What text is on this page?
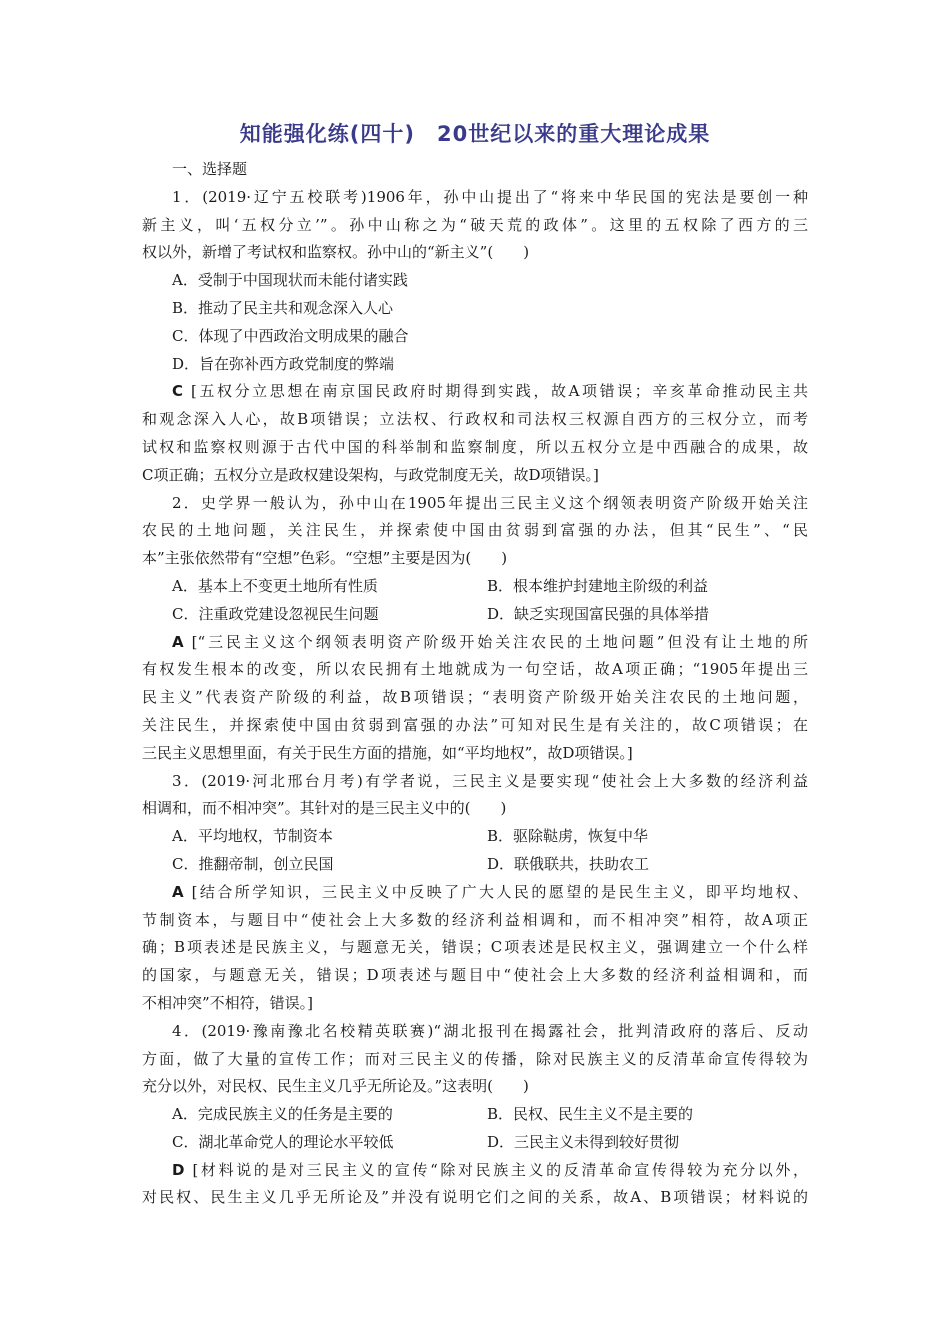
知能强化练(四十)　20世纪以来的重大理论成果
一、选择题
1．(2019·辽宁五校联考)1906年，孙中山提出了“将来中华民国的宪法是要创一种
新主义，叫‘五权分立’”。孙中山称之为“破天荒的政体”。这里的五权除了西方的三
权以外，新增了考试权和监察权。孙中山的“新主义”(　　)
A．受制于中国现状而未能付诸实践
B．推动了民主共和观念深入人心
C．体现了中西政治文明成果的融合
D．旨在弥补西方政党制度的弊端
C [五权分立思想在南京国民政府时期得到实践，故A项错误；辛亥革命推动民主共
和观念深入人心，故B项错误；立法权、行政权和司法权三权源自西方的三权分立，而考
试权和监察权则源于古代中国的科举制和监察制度，所以五权分立是中西融合的成果，故
C项正确；五权分立是政权建设架构，与政党制度无关，故D项错误。]
2．史学界一般认为，孙中山在1905年提出三民主义这个纲领表明资产阶级开始关注
农民的土地问题，关注民生，并探索使中国由贫弱到富强的办法，但其“民生”、“民
本”主张依然带有“空想”色彩。“空想”主要是因为(　　)
A．基本上不变更土地所有性质	B．根本维护封建地主阶级的利益
C．注重政党建设忽视民生问题	D．缺乏实现国富民强的具体举措
A [“三民主义这个纲领表明资产阶级开始关注农民的土地问题”但没有让土地的所
有权发生根本的改变，所以农民拥有土地就成为一句空话，故A项正确；“1905年提出三
民主义”代表资产阶级的利益，故B项错误；“表明资产阶级开始关注农民的土地问题，
关注民生，并探索使中国由贫弱到富强的办法”可知对民生是有关注的，故C项错误；在
三民主义思想里面，有关于民生方面的措施，如“平均地权”，故D项错误。]
3．(2019·河北邢台月考)有学者说，三民主义是要实现“使社会上大多数的经济利益
相调和，而不相冲突”。其针对的是三民主义中的(　　)
A．平均地权，节制资本	B．驱除鞑虏，恢复中华
C．推翻帝制，创立民国	D．联俄联共，扶助农工
A [结合所学知识，三民主义中反映了广大人民的愿望的是民生主义，即平均地权、
节制资本，与题目中“使社会上大多数的经济利益相调和，而不相冲突”相符，故A项正
确；B项表述是民族主义，与题意无关，错误；C项表述是民权主义，强调建立一个什么样
的国家，与题意无关，错误；D项表述与题目中“使社会上大多数的经济利益相调和，而
不相冲突”不相符，错误。]
4．(2019·豫南豫北名校精英联赛)“湖北报刊在揭露社会，批判清政府的落后、反动
方面，做了大量的宣传工作；而对三民主义的传播，除对民族主义的反清革命宣传得较为
充分以外，对民权、民生主义几乎无所论及。”这表明(　　)
A．完成民族主义的任务是主要的	B．民权、民生主义不是主要的
C．湖北革命党人的理论水平较低	D．三民主义未得到较好贯彻
D [材料说的是对三民主义的宣传“除对民族主义的反清革命宣传得较为充分以外，
对民权、民生主义几乎无所论及”并没有说明它们之间的关系，故A、B项错误；材料说的
